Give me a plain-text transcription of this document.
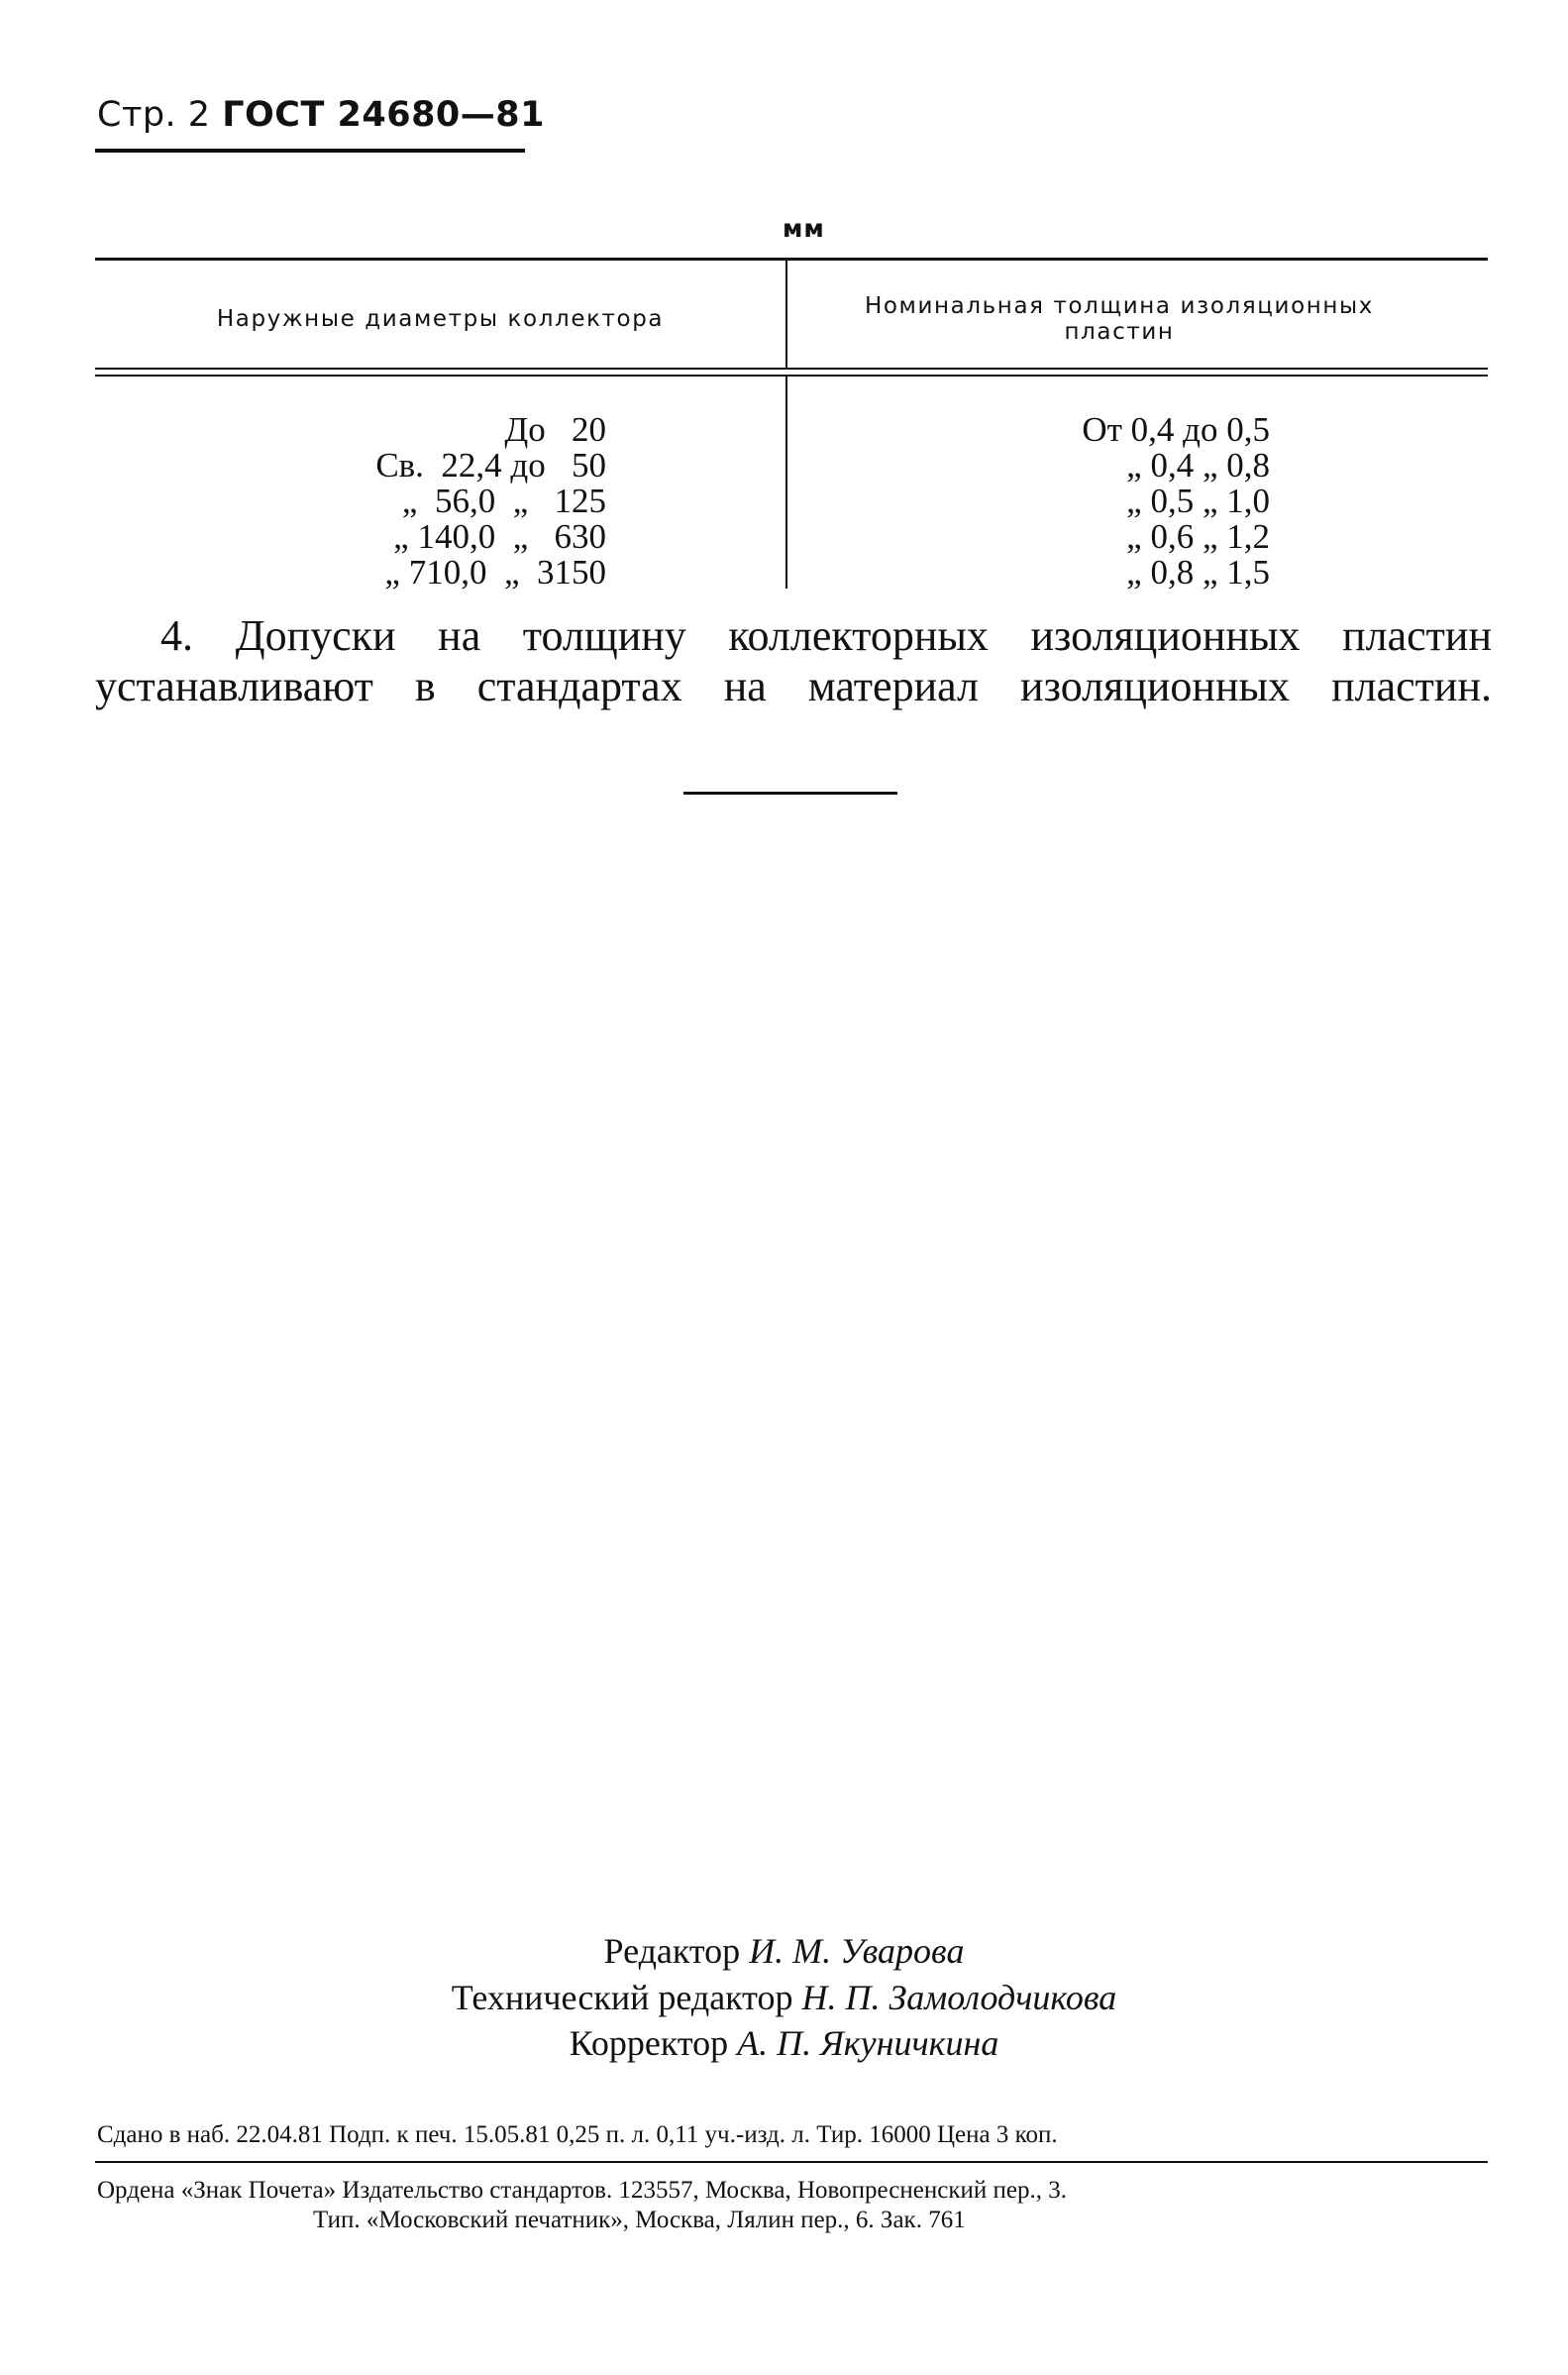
Стр. 2 ГОСТ 24680—81
мм
Наружные диаметры коллектора	Номинальная толщина изоляционных пластин
До   20
Св.  22,4 до   50
„  56,0  „   125
„ 140,0  „   630
„ 710,0  „  3150
От 0,4 до 0,5
„ 0,4 „ 0,8
„ 0,5 „ 1,0
„ 0,6 „ 1,2
„ 0,8 „ 1,5
4. Допуски на толщину коллекторных изоляционных пластин
устанавливают в стандартах на материал изоляционных пластин.
Редактор И. М. Уварова
Технический редактор Н. П. Замолодчикова
Корректор А. П. Якуничкина
Сдано в наб. 22.04.81 Подп. к печ. 15.05.81 0,25 п. л. 0,11 уч.-изд. л. Тир. 16000 Цена 3 коп.
Ордена «Знак Почета» Издательство стандартов. 123557, Москва, Новопресненский пер., 3.
Тип. «Московский печатник», Москва, Лялин пер., 6. Зак. 761
